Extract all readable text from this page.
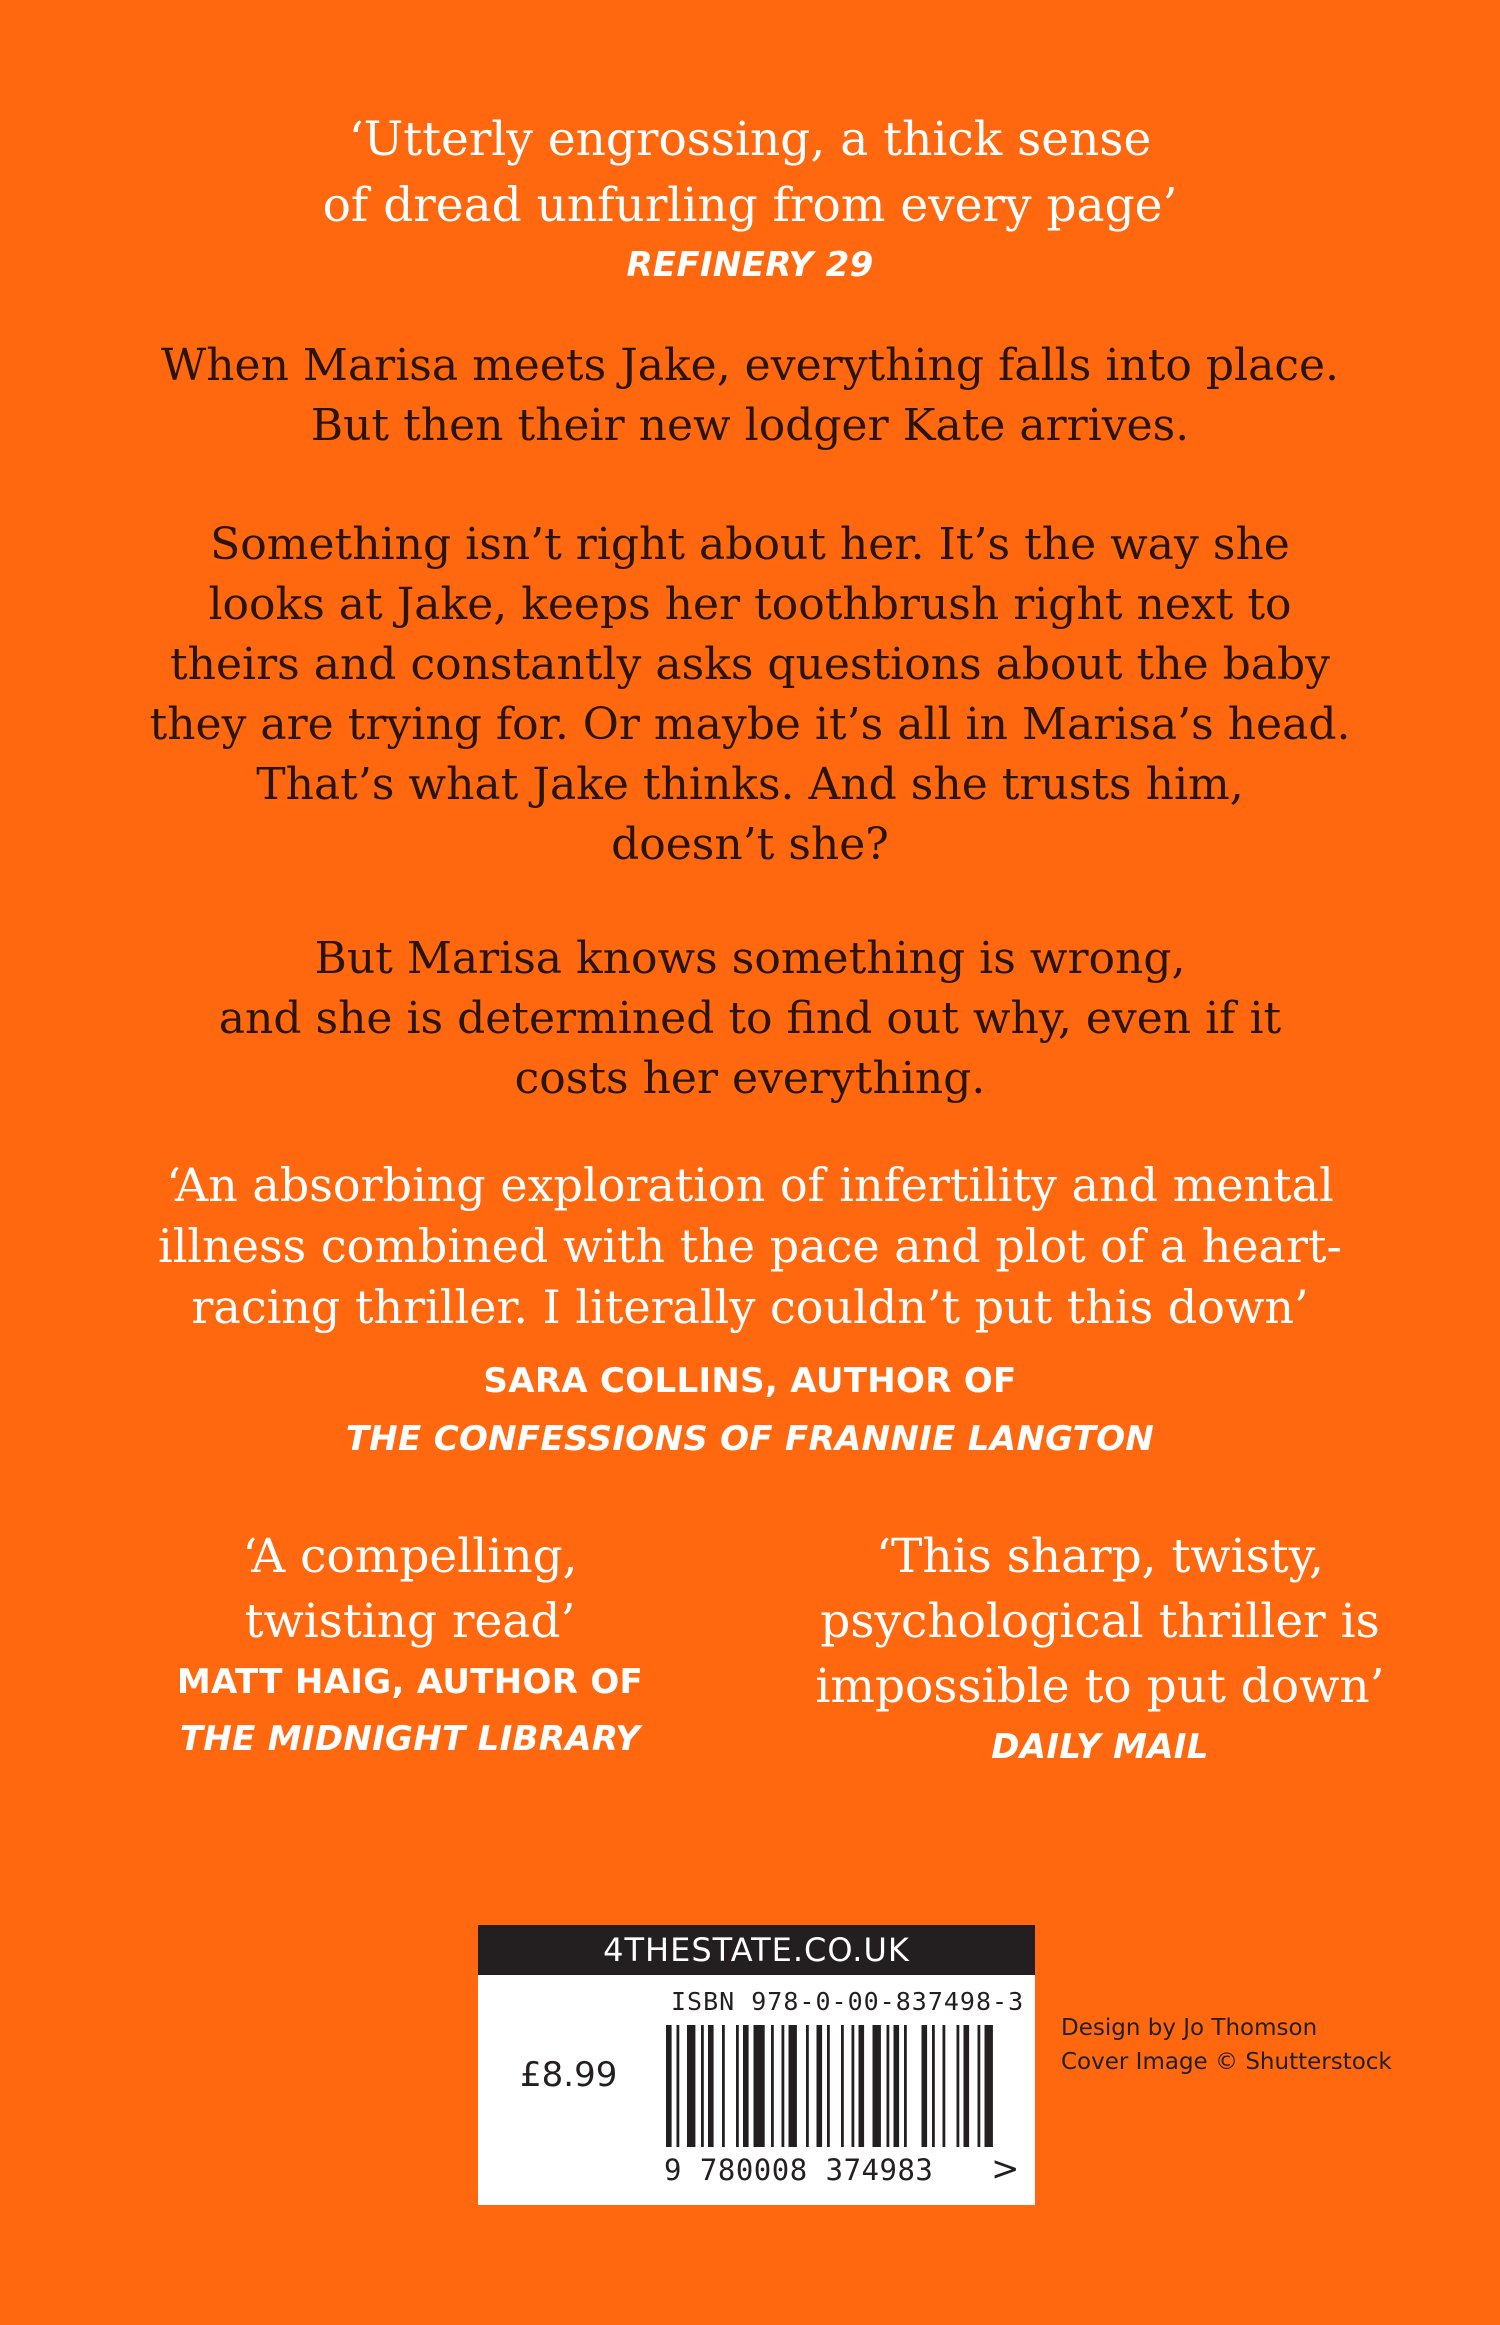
‘Utterly engrossing, a thick sense
of dread unfurling from every page’
REFINERY 29
When Marisa meets Jake, everything falls into place.
But then their new lodger Kate arrives.
Something isn’t right about her. It’s the way she
looks at Jake, keeps her toothbrush right next to
theirs and constantly asks questions about the baby
they are trying for. Or maybe it’s all in Marisa’s head.
That’s what Jake thinks. And she trusts him,
doesn’t she?
But Marisa knows something is wrong,
and she is determined to find out why, even if it
costs her everything.
‘An absorbing exploration of infertility and mental
illness combined with the pace and plot of a heart-
racing thriller. I literally couldn’t put this down’
SARA COLLINS, AUTHOR OF
THE CONFESSIONS OF FRANNIE LANGTON
‘A compelling,
twisting read’
MATT HAIG, AUTHOR OF
THE MIDNIGHT LIBRARY
‘This sharp, twisty,
psychological thriller is
impossible to put down’
DAILY MAIL
4THESTATE.CO.UK
ISBN 978-0-00-837498-3
£8.99
9 780008 374983 >
Design by Jo Thomson
Cover Image © Shutterstock
